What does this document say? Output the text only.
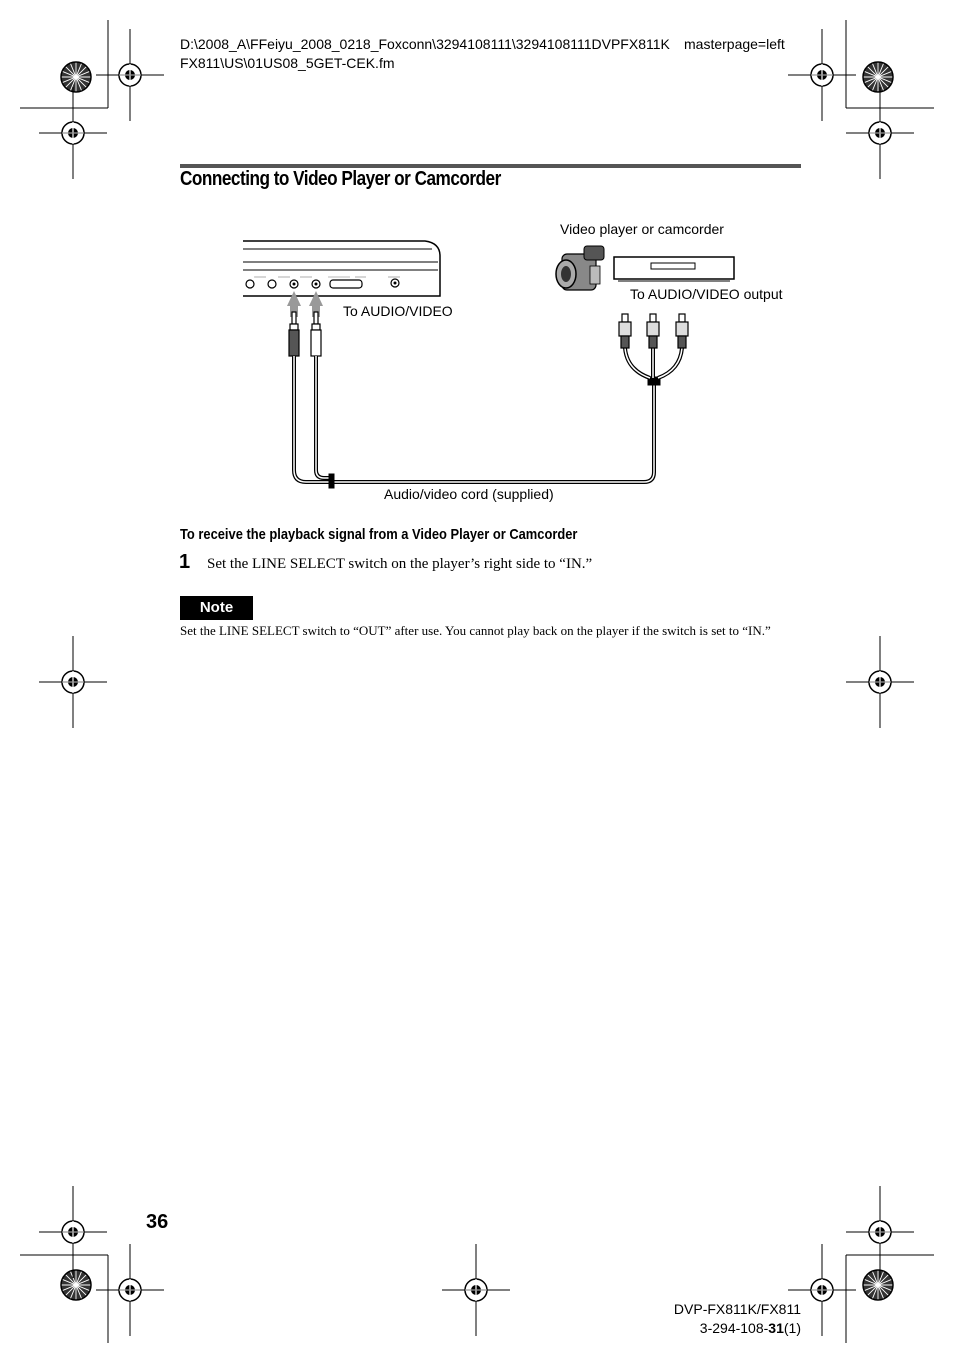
D:\2008_A\FFeiyu_2008_0218_Foxconn\3294108111\3294108111DVPFX811K masterpage=left
FX811\US\01US08_5GET-CEK.fm
Connecting to Video Player or Camcorder
Video player or camcorder
To AUDIO/VIDEO output
To AUDIO/VIDEO
Audio/video cord (supplied)
To receive the playback signal from a Video Player or Camcorder
1 Set the LINE SELECT switch on the player’s right side to “IN.”
Note
Set the LINE SELECT switch to “OUT” after use. You cannot play back on the player if the switch is set to “IN.”
36
DVP-FX811K/FX811
3-294-108-31(1)
